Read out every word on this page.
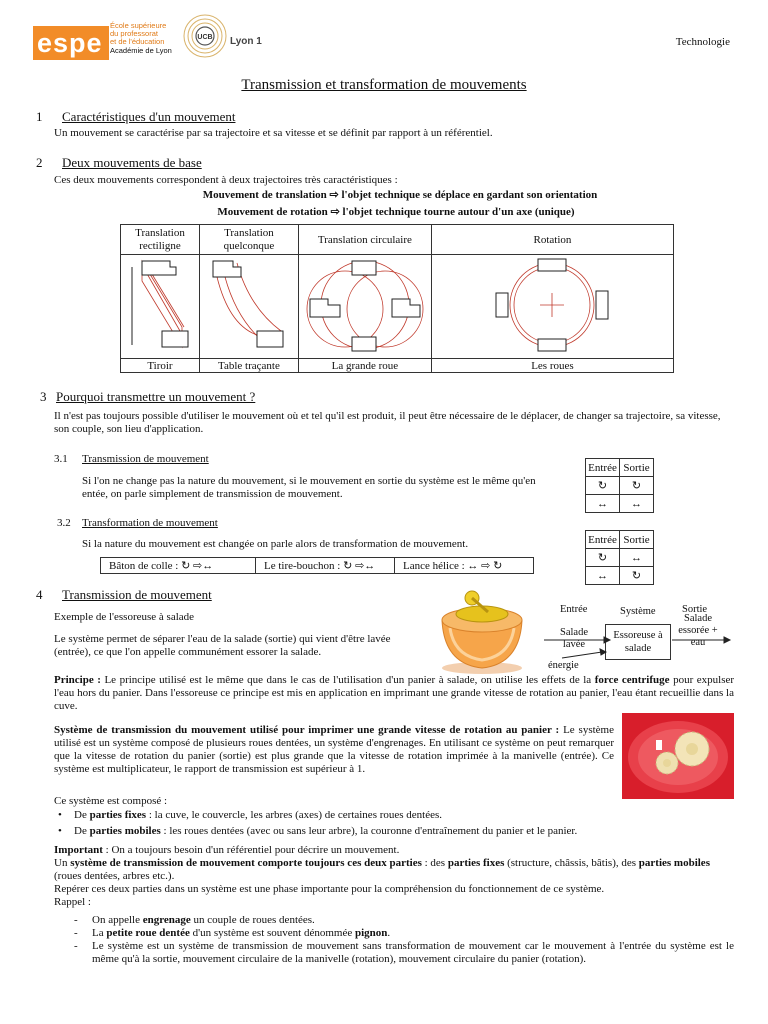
espe
École supérieure
du professorat
et de l'éducation
Académie de Lyon
UCB Lyon 1	Technologie
Transmission et transformation de mouvements
1 Caractéristiques d'un mouvement
Un mouvement se caractérise par sa trajectoire et sa vitesse et se définit par rapport à un référentiel.
2 Deux mouvements de base
Ces deux mouvements correspondent à deux trajectoires très caractéristiques :
Mouvement de translation ⇨ l'objet technique se déplace en gardant son orientation
Mouvement de rotation ⇨ l'objet technique tourne autour d'un axe (unique)
Translation rectiligne	Translation quelconque	Translation circulaire	Rotation

Tiroir	Table traçante	La grande roue	Les roues
3 Pourquoi transmettre un mouvement ?
Il n'est pas toujours possible d'utiliser le mouvement où et tel qu'il est produit, il peut être nécessaire de le déplacer, de changer sa trajectoire, sa vitesse, son couple, son lieu d'application.
3.1 Transmission de mouvement
Si l'on ne change pas la nature du mouvement, si le mouvement en sortie du système est le même qu'en entée, on parle simplement de transmission de mouvement.
Entrée	Sortie
↻	↻
↔	↔
3.2 Transformation de mouvement
Si la nature du mouvement est changée on parle alors de transformation de mouvement.	Entrée	Sortie
↻	↔
↔	↻
Bâton de colle : ↻ ⇨↔	Le tire-bouchon : ↻ ⇨↔	Lance hélice : ↔ ⇨ ↻
4 Transmission de mouvement
Exemple de l'essoreuse à salade
Le système permet de séparer l'eau de la salade (sortie) qui vient d'être lavée (entrée), ce que l'on appelle communément essorer la salade.
Entrée	Système	Sortie
Salade lavée
Essoreuse à salade
Salade essorée + eau
énergie
Principe : Le principe utilisé est le même que dans le cas de l'utilisation d'un panier à salade, on utilise les effets de la force centrifuge pour expulser l'eau hors du panier. Dans l'essoreuse ce principe est mis en application en imprimant une grande vitesse de rotation au panier, l'eau étant recueillie dans la cuve.
Système de transmission du mouvement utilisé pour imprimer une grande vitesse de rotation au panier : Le système utilisé est un système composé de plusieurs roues dentées, un système d'engrenages. En utilisant ce système on peut remarquer que la vitesse de rotation du panier (sortie) est plus grande que la vitesse de rotation imprimée à la manivelle (entrée). Ce système est multiplicateur, le rapport de transmission est supérieur à 1.
Ce système est composé :
• De parties fixes : la cuve, le couvercle, les arbres (axes) de certaines roues dentées.
• De parties mobiles : les roues dentées (avec ou sans leur arbre), la couronne d'entraînement du panier et le panier.
Important : On a toujours besoin d'un référentiel pour décrire un mouvement.
Un système de transmission de mouvement comporte toujours ces deux parties : des parties fixes (structure, châssis, bâtis), des parties mobiles (roues dentées, arbres etc.).
Repérer ces deux parties dans un système est une phase importante pour la compréhension du fonctionnement de ce système.
Rappel :
- On appelle engrenage un couple de roues dentées.
- La petite roue dentée d'un système est souvent dénommée pignon.
- Le système est un système de transmission de mouvement sans transformation de mouvement car le mouvement à l'entrée du système est le même qu'à la sortie, mouvement circulaire de la manivelle (rotation), mouvement circulaire du panier (rotation).
